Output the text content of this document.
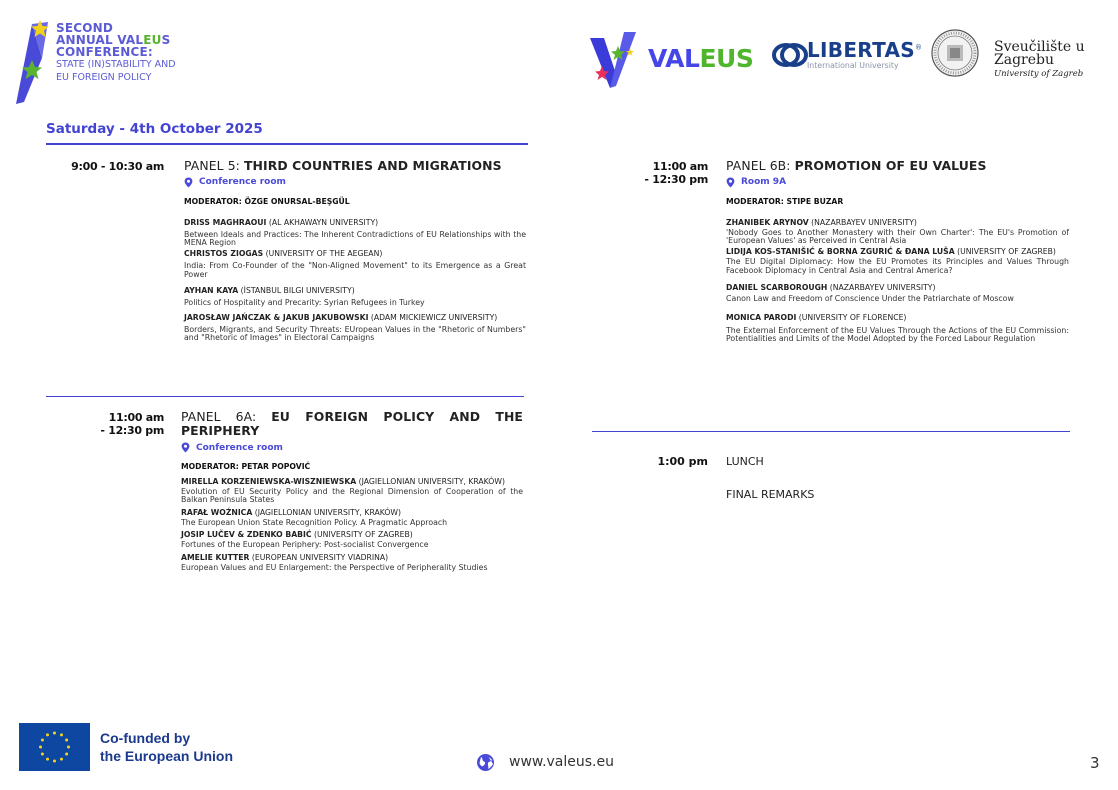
SECOND
ANNUAL VALEUS
CONFERENCE:
STATE (IN)STABILITY AND
EU FOREIGN POLICY
VALEUS	LIBERTAS®
International University
Sveučilište u
Zagrebu
University of Zagreb
Saturday - 4th October 2025
9:00 - 10:30 am PANEL 5: THIRD COUNTRIES AND MIGRATIONS
Conference room
MODERATOR: ÖZGE ONURSAL-BEŞGÜL
DRISS MAGHRAOUI (AL AKHAWAYN UNIVERSITY)
Between Ideals and Practices: The Inherent Contradictions of EU Relationships with the MENA Region
CHRISTOS ZIOGAS (UNIVERSITY OF THE AEGEAN)
India: From Co-Founder of the "Non-Aligned Movement" to its Emergence as a Great Power
AYHAN KAYA (İSTANBUL BILGI UNIVERSITY)
Politics of Hospitality and Precarity: Syrian Refugees in Turkey
JAROSŁAW JAŃCZAK & JAKUB JAKUBOWSKI (ADAM MICKIEWICZ UNIVERSITY)
Borders, Migrants, and Security Threats: EUropean Values in the "Rhetoric of Numbers" and "Rhetoric of Images" in Electoral Campaigns
11:00 am
- 12:30 pm
PANEL 6A: EU FOREIGN POLICY AND THE PERIPHERY
Conference room
MODERATOR: PETAR POPOVIĆ
MIRELLA KORZENIEWSKA-WISZNIEWSKA (JAGIELLONIAN UNIVERSITY, KRAKÓW)
Evolution of EU Security Policy and the Regional Dimension of Cooperation of the Balkan Peninsula States
RAFAŁ WOŹNICA (JAGIELLONIAN UNIVERSITY, KRAKÓW)
The European Union State Recognition Policy. A Pragmatic Approach
JOSIP LUČEV & ZDENKO BABIĆ (UNIVERSITY OF ZAGREB)
Fortunes of the European Periphery: Post-socialist Convergence
AMELIE KUTTER (EUROPEAN UNIVERSITY VIADRINA)
European Values and EU Enlargement: the Perspective of Peripherality Studies
11:00 am
- 12:30 pm
PANEL 6B: PROMOTION OF EU VALUES
Room 9A
MODERATOR: STIPE BUZAR
ZHANIBEK ARYNOV (NAZARBAYEV UNIVERSITY)
'Nobody Goes to Another Monastery with their Own Charter': The EU's Promotion of 'European Values' as Perceived in Central Asia
LIDIJA KOS-STANIŠIĆ & BORNA ZGURIĆ & ĐANA LUŠA (UNIVERSITY OF ZAGREB)
The EU Digital Diplomacy: How the EU Promotes its Principles and Values Through Facebook Diplomacy in Central Asia and Central America?
DANIEL SCARBOROUGH (NAZARBAYEV UNIVERSITY)
Canon Law and Freedom of Conscience Under the Patriarchate of Moscow
MONICA PARODI (UNIVERSITY OF FLORENCE)
The External Enforcement of the EU Values Through the Actions of the EU Commission: Potentialities and Limits of the Model Adopted by the Forced Labour Regulation
1:00 pm LUNCH
FINAL REMARKS
Co-funded by
the European Union	www.valeus.eu	3
